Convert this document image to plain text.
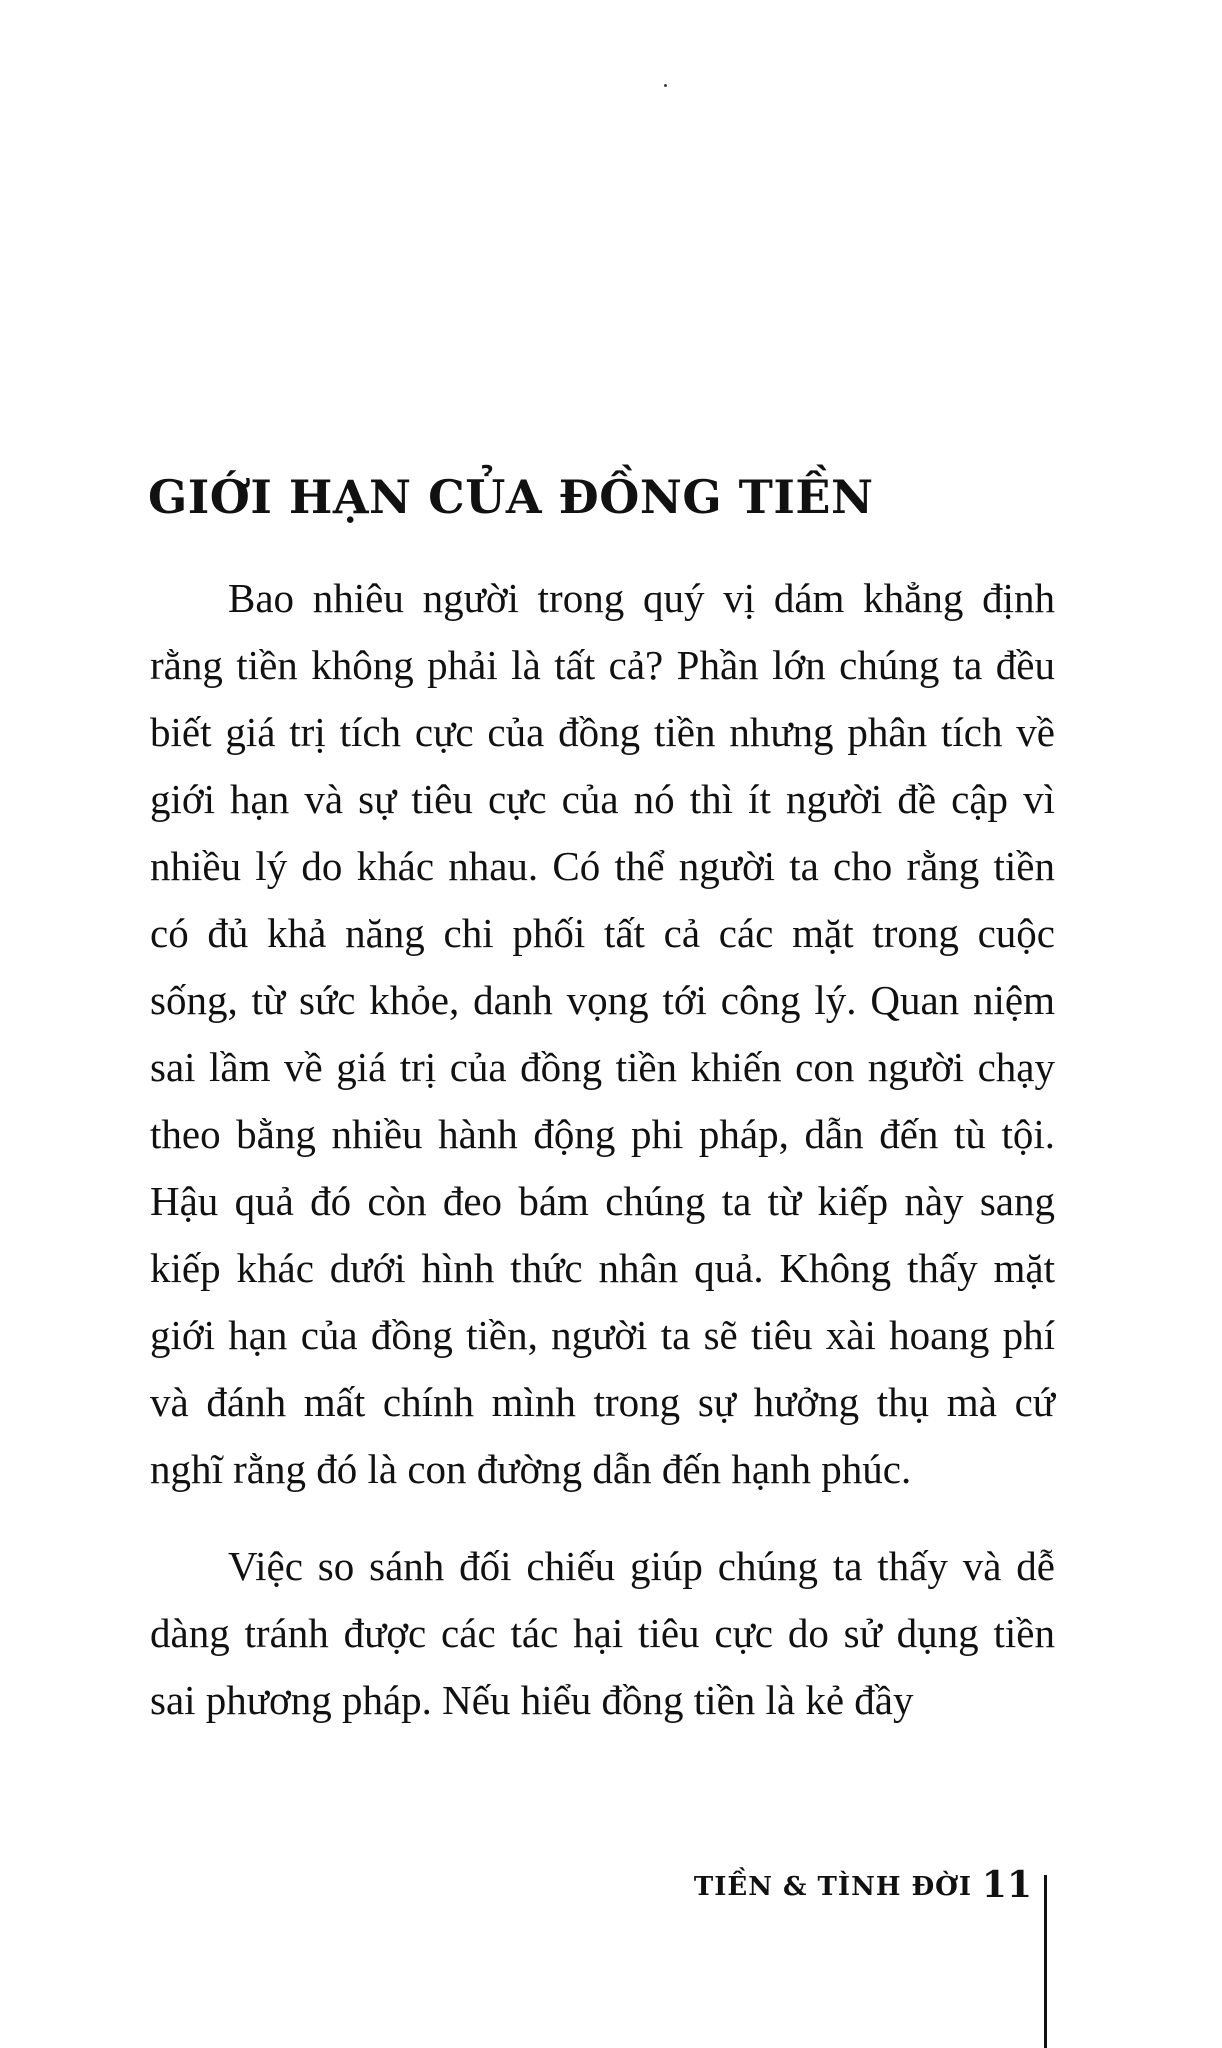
GIỚI HẠN CỦA ĐỒNG TIỀN

Bao nhiêu người trong quý vị dám khẳng định rằng tiền không phải là tất cả? Phần lớn chúng ta đều biết giá trị tích cực của đồng tiền nhưng phân tích về giới hạn và sự tiêu cực của nó thì ít người đề cập vì nhiều lý do khác nhau. Có thể người ta cho rằng tiền có đủ khả năng chi phối tất cả các mặt trong cuộc sống, từ sức khỏe, danh vọng tới công lý. Quan niệm sai lầm về giá trị của đồng tiền khiến con người chạy theo bằng nhiều hành động phi pháp, dẫn đến tù tội. Hậu quả đó còn đeo bám chúng ta từ kiếp này sang kiếp khác dưới hình thức nhân quả. Không thấy mặt giới hạn của đồng tiền, người ta sẽ tiêu xài hoang phí và đánh mất chính mình trong sự hưởng thụ mà cứ nghĩ rằng đó là con đường dẫn đến hạnh phúc.

Việc so sánh đối chiếu giúp chúng ta thấy và dễ dàng tránh được các tác hại tiêu cực do sử dụng tiền sai phương pháp. Nếu hiểu đồng tiền là kẻ đầy

TIỀN & TÌNH ĐỜI 11
